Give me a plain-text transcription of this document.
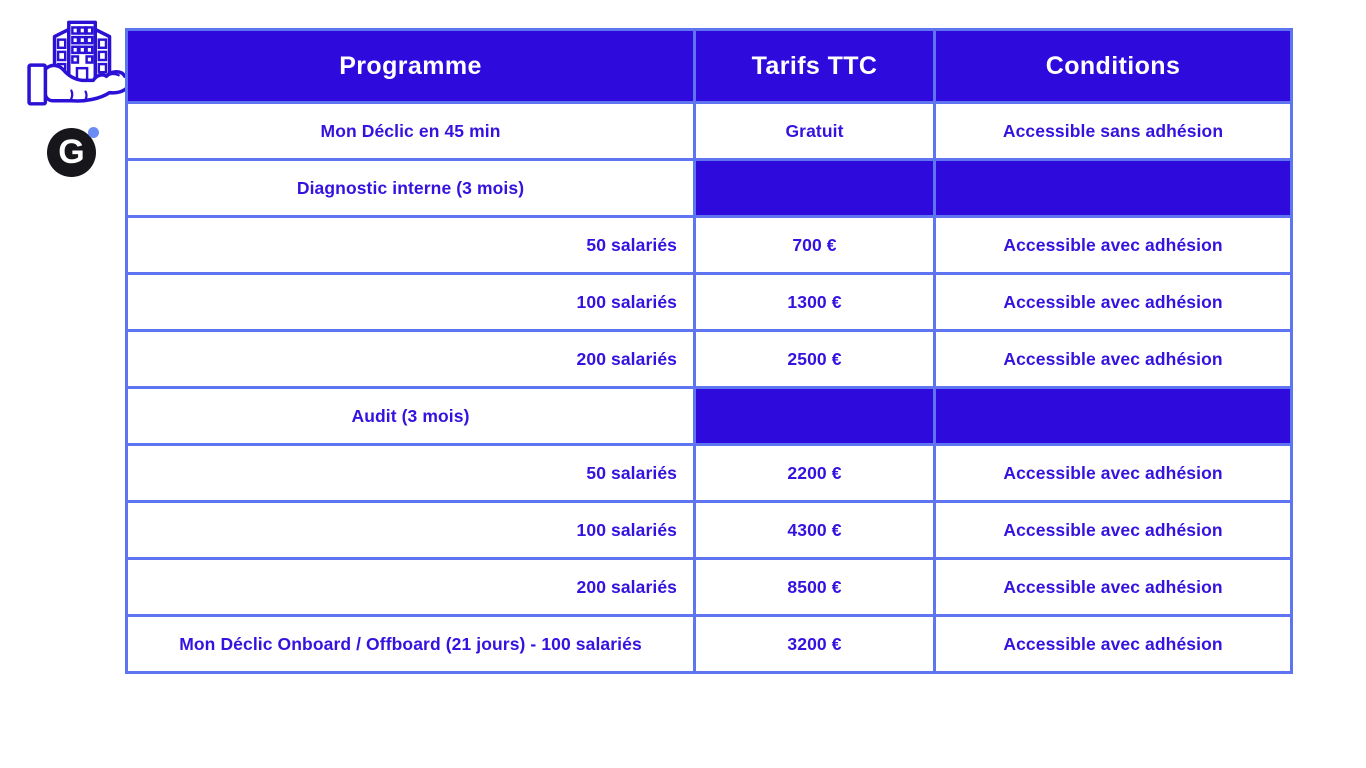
G
Programme	Tarifs TTC	Conditions
Mon Déclic en 45 min	Gratuit	Accessible sans adhésion
Diagnostic interne (3 mois)		
50 salariés	700 €	Accessible avec adhésion
100 salariés	1300 €	Accessible avec adhésion
200 salariés	2500 €	Accessible avec adhésion
Audit (3 mois)		
50 salariés	2200 €	Accessible avec adhésion
100 salariés	4300 €	Accessible avec adhésion
200 salariés	8500 €	Accessible avec adhésion
Mon Déclic Onboard / Offboard (21 jours) - 100 salariés	3200 €	Accessible avec adhésion
